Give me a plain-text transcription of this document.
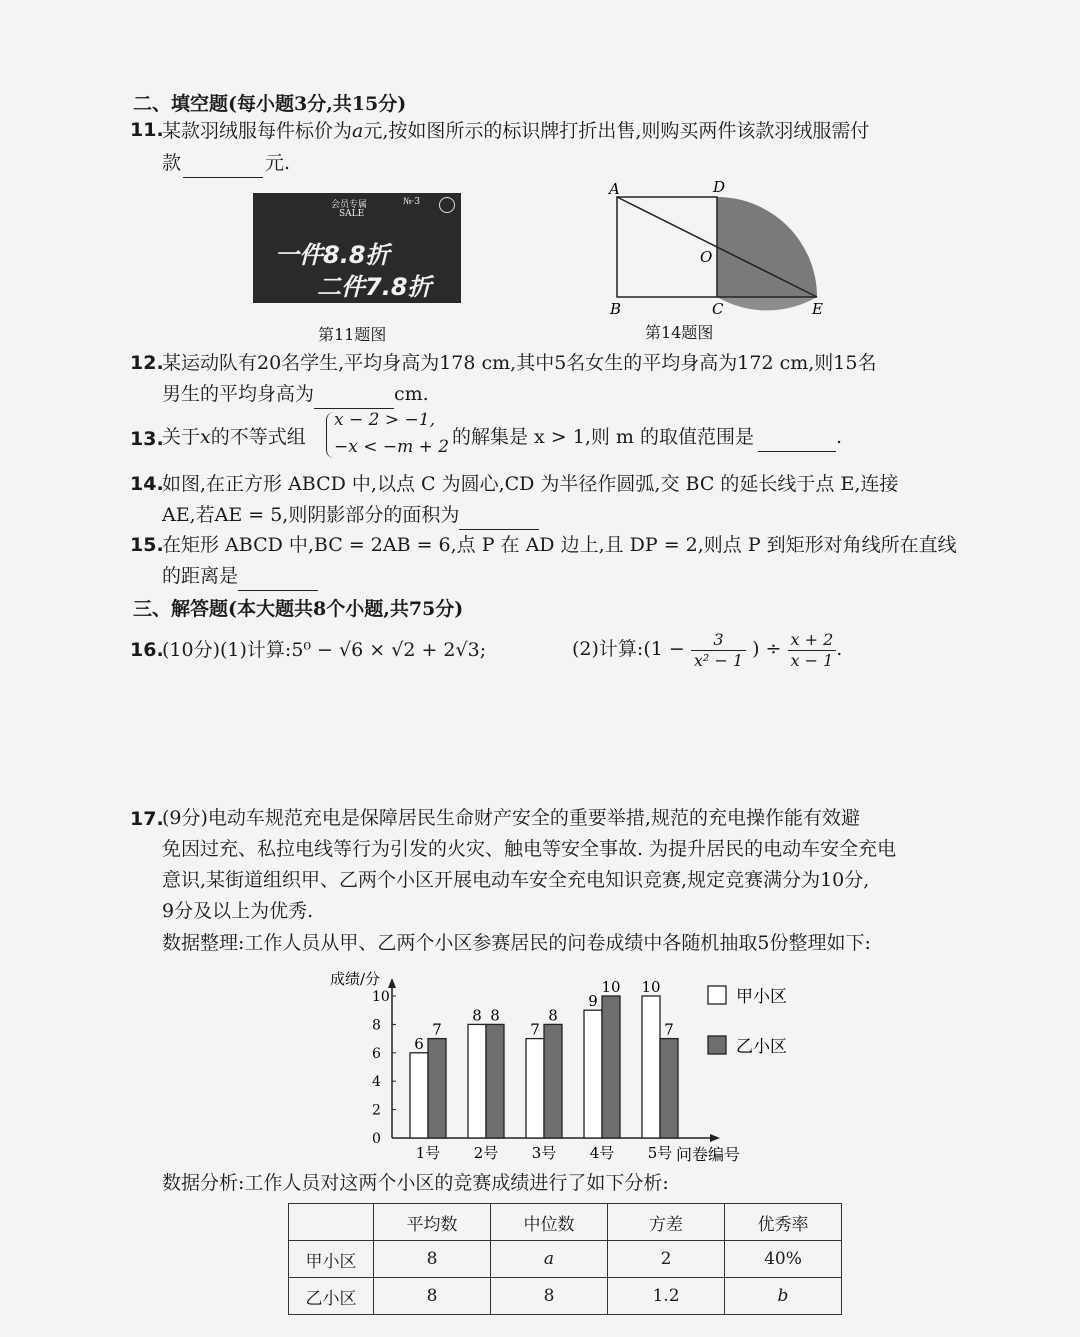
二、填空题(每小题3分,共15分)
11.
某款羽绒服每件标价为a元,按如图所示的标识牌打折出售,则购买两件该款羽绒服需付
款	元.
会员专属
SALE
№·3
一件8.8折
二件7.8折
第11题图
A	D
O
B	C	E
第14题图
12.
某运动队有20名学生,平均身高为178 cm,其中5名女生的平均身高为172 cm,则15名
男生的平均身高为	cm.
13.
关于x的不等式组
x − 2 > −1,
−x < −m + 2 的解集是 x > 1,则 m 的取值范围是	.
14.
如图,在正方形 ABCD 中,以点 C 为圆心,CD 为半径作圆弧,交 BC 的延长线于点 E,连接
AE,若AE = 5,则阴影部分的面积为
15.
在矩形 ABCD 中,BC = 2AB = 6,点 P 在 AD 边上,且 DP = 2,则点 P 到矩形对角线所在直线
的距离是
三、解答题(本大题共8个小题,共75分)
16.
(10分)(1)计算:5⁰ − √6 × √2 + 2√3;	(2)计算:(1 − $\frac{3}{\text{x² − 1}}$ ) ÷ $\frac{x + 2}{x - 1}$ .
17.
(9分)电动车规范充电是保障居民生命财产安全的重要举措,规范的充电操作能有效避
免因过充、私拉电线等行为引发的火灾、触电等安全事故. 为提升居民的电动车安全充电
意识,某街道组织甲、乙两个小区开展电动车安全充电知识竞赛,规定竞赛满分为10分,
9分及以上为优秀.
数据整理:工作人员从甲、乙两个小区参赛居民的问卷成绩中各随机抽取5份整理如下:
成绩/分
问卷编号
0
2
4
6
8
10
6
7
1号
8 8
2号
7
8
3号
9
10
4号
10
7
5号
甲小区
乙小区
数据分析:工作人员对这两个小区的竞赛成绩进行了如下分析:
	平均数	中位数	方差	优秀率
甲小区	8	a	2	40%
乙小区	8	8	1.2	b
